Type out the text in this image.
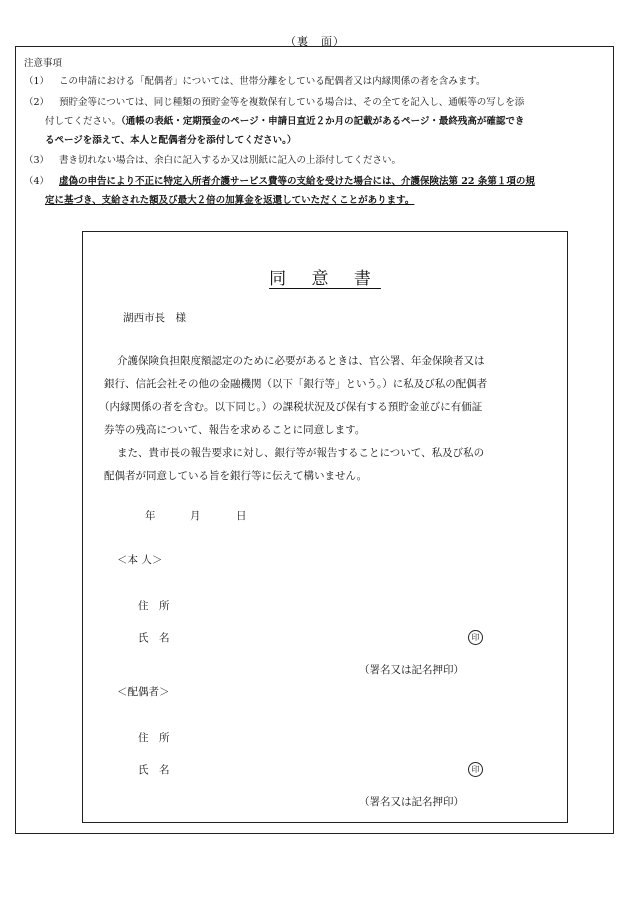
（裏　面）
注意事項
（1） この申請における「配偶者」については、世帯分離をしている配偶者又は内縁関係の者を含みます。
（2） 預貯金等については、同じ種類の預貯金等を複数保有している場合は、その全てを記入し、通帳等の写しを添
付してください。（通帳の表紙・定期預金のページ・申請日直近２か月の記載があるページ・最終残高が確認でき
るページを添えて、本人と配偶者分を添付してください。）
（3） 書き切れない場合は、余白に記入するか又は別紙に記入の上添付してください。
（4） 虚偽の申告により不正に特定入所者介護サービス費等の支給を受けた場合には、介護保険法第 22 条第１項の規
定に基づき、支給された額及び最大２倍の加算金を返還していただくことがあります。
同 意 書
湖西市長　様
介護保険負担限度額認定のために必要があるときは、官公署、年金保険者又は
銀行、信託会社その他の金融機関（以下「銀行等」という。）に私及び私の配偶者
（内縁関係の者を含む。以下同じ。）の課税状況及び保有する預貯金並びに有価証
券等の残高について、報告を求めることに同意します。
また、貴市長の報告要求に対し、銀行等が報告することについて、私及び私の
配偶者が同意している旨を銀行等に伝えて構いません。
年	月	日
＜本 人＞
住　所
氏　名	印
（署名又は記名押印）
＜配偶者＞
住　所
氏　名	印
（署名又は記名押印）
